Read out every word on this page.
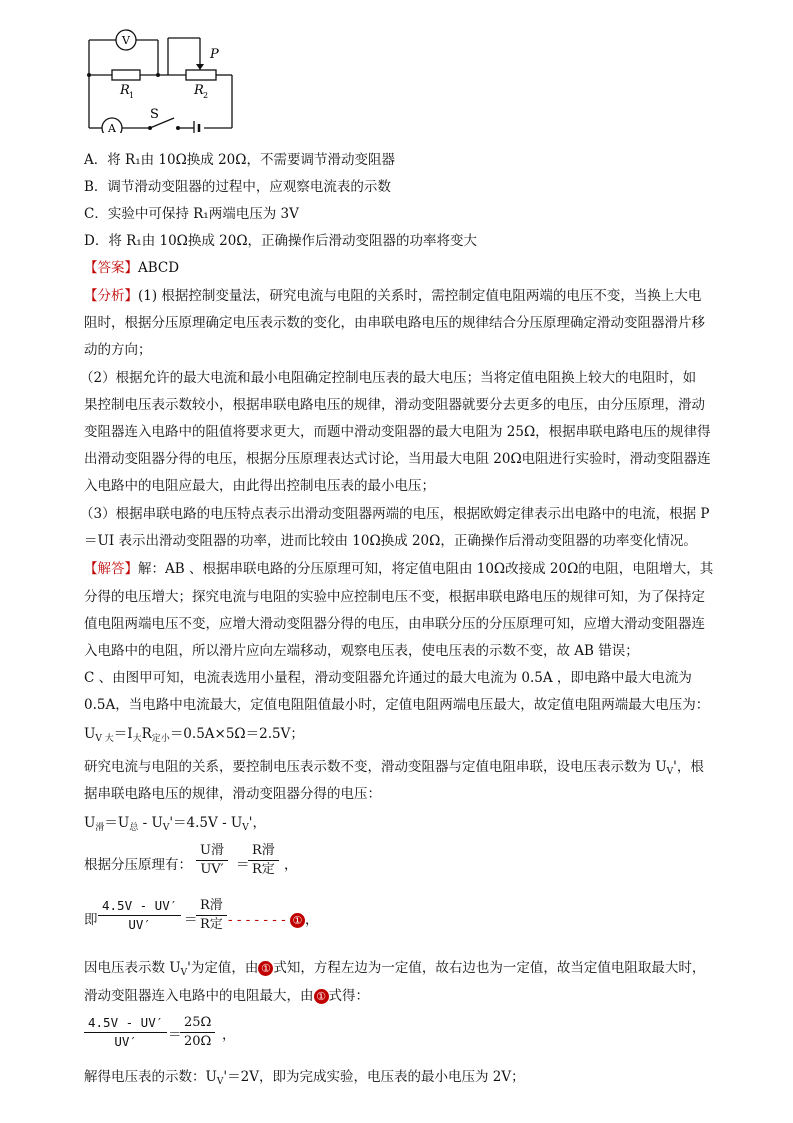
V
A
P
S
R 1	R 2
A．将 R₁由 10Ω换成 20Ω，不需要调节滑动变阻器
B．调节滑动变阻器的过程中，应观察电流表的示数
C．实验中可保持 R₁两端电压为 3V
D．将 R₁由 10Ω换成 20Ω，正确操作后滑动变阻器的功率将变大
【答案】ABCD
【分析】(1) 根据控制变量法，研究电流与电阻的关系时，需控制定值电阻两端的电压不变，当换上大电
阻时，根据分压原理确定电压表示数的变化，由串联电路电压的规律结合分压原理确定滑动变阻器滑片移
动的方向；
（2）根据允许的最大电流和最小电阻确定控制电压表的最大电压；当将定值电阻换上较大的电阻时，如
果控制电压表示数较小，根据串联电路电压的规律，滑动变阻器就要分去更多的电压，由分压原理，滑动
变阻器连入电路中的阻值将要求更大，而题中滑动变阻器的最大电阻为 25Ω，根据串联电路电压的规律得
出滑动变阻器分得的电压，根据分压原理表达式讨论，当用最大电阻 20Ω电阻进行实验时，滑动变阻器连
入电路中的电阻应最大，由此得出控制电压表的最小电压；
（3）根据串联电路的电压特点表示出滑动变阻器两端的电压，根据欧姆定律表示出电路中的电流，根据 P
＝UI 表示出滑动变阻器的功率，进而比较由 10Ω换成 20Ω，正确操作后滑动变阻器的功率变化情况。
【解答】解：AB 、根据串联电路的分压原理可知，将定值电阻由 10Ω改接成 20Ω的电阻，电阻增大，其
分得的电压增大；探究电流与电阻的实验中应控制电压不变，根据串联电路电压的规律可知，为了保持定
值电阻两端电压不变，应增大滑动变阻器分得的电压，由串联分压的分压原理可知，应增大滑动变阻器连
入电路中的电阻，所以滑片应向左端移动，观察电压表，使电压表的示数不变，故 AB 错误；
C 、由图甲可知，电流表选用小量程，滑动变阻器允许通过的最大电流为 0.5A ，即电路中最大电流为
0.5A，当电路中电流最大，定值电阻阻值最小时，定值电阻两端电压最大，故定值电阻两端最大电压为：
$U_{V 大}=I_大R_{定小}=0.5A\times 5\Omega=2.5V$；
研究电流与电阻的关系，要控制电压表示数不变，滑动变阻器与定值电阻串联，设电压表示数为 $U_V'$，根
据串联电路电压的规律，滑动变阻器分得的电压：
$U_滑=U_总 - U_V'=4.5V - U_V'$，
根据分压原理有：
U滑
UV′ ＝
R滑
R定 ，
即 $\frac{4.5V - UV'}{UV'}$ ＝
R滑
R定 - - - - - - - ① ，
因电压表示数 $U_V'$为定值，由 ① 式知，方程左边为一定值，故右边也为一定值，故当定值电阻取最大时，
滑动变阻器连入电路中的电阻最大，由 ① 式得：
$\frac{4.5V - UV'}{UV'}$ ＝
$\frac{25\Omega}{20\Omega}$ ，
解得电压表的示数：$U_V'=2V$，即为完成实验，电压表的最小电压为 2V；
